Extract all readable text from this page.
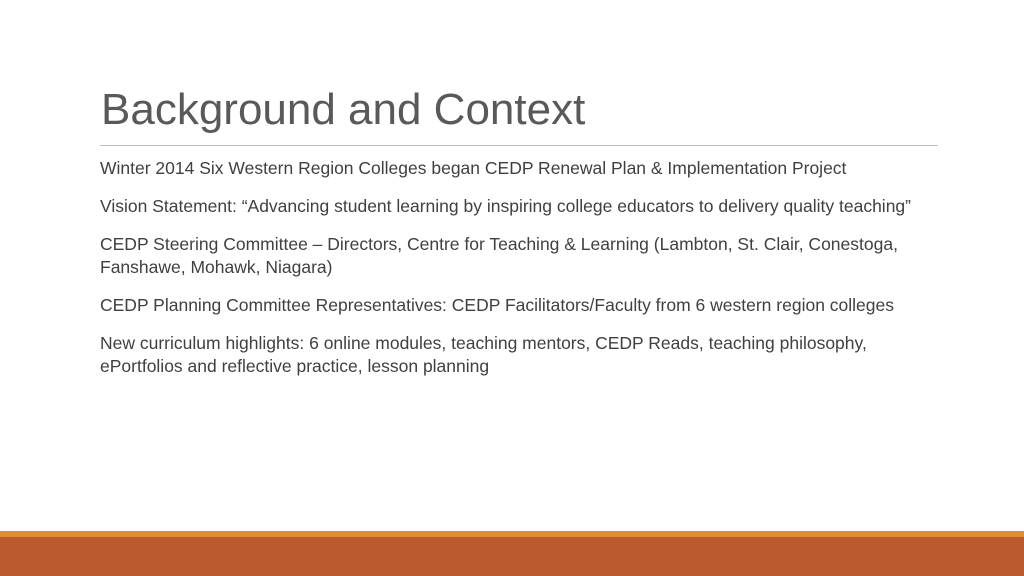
Background and Context
Winter 2014 Six Western Region Colleges began CEDP Renewal Plan & Implementation Project
Vision Statement: “Advancing student learning by inspiring college educators to delivery quality teaching”
CEDP Steering Committee – Directors, Centre for Teaching & Learning (Lambton, St. Clair, Conestoga, Fanshawe, Mohawk, Niagara)
CEDP Planning Committee Representatives: CEDP Facilitators/Faculty from 6 western region colleges
New curriculum highlights: 6 online modules, teaching mentors, CEDP Reads, teaching philosophy, ePortfolios and reflective practice, lesson planning
